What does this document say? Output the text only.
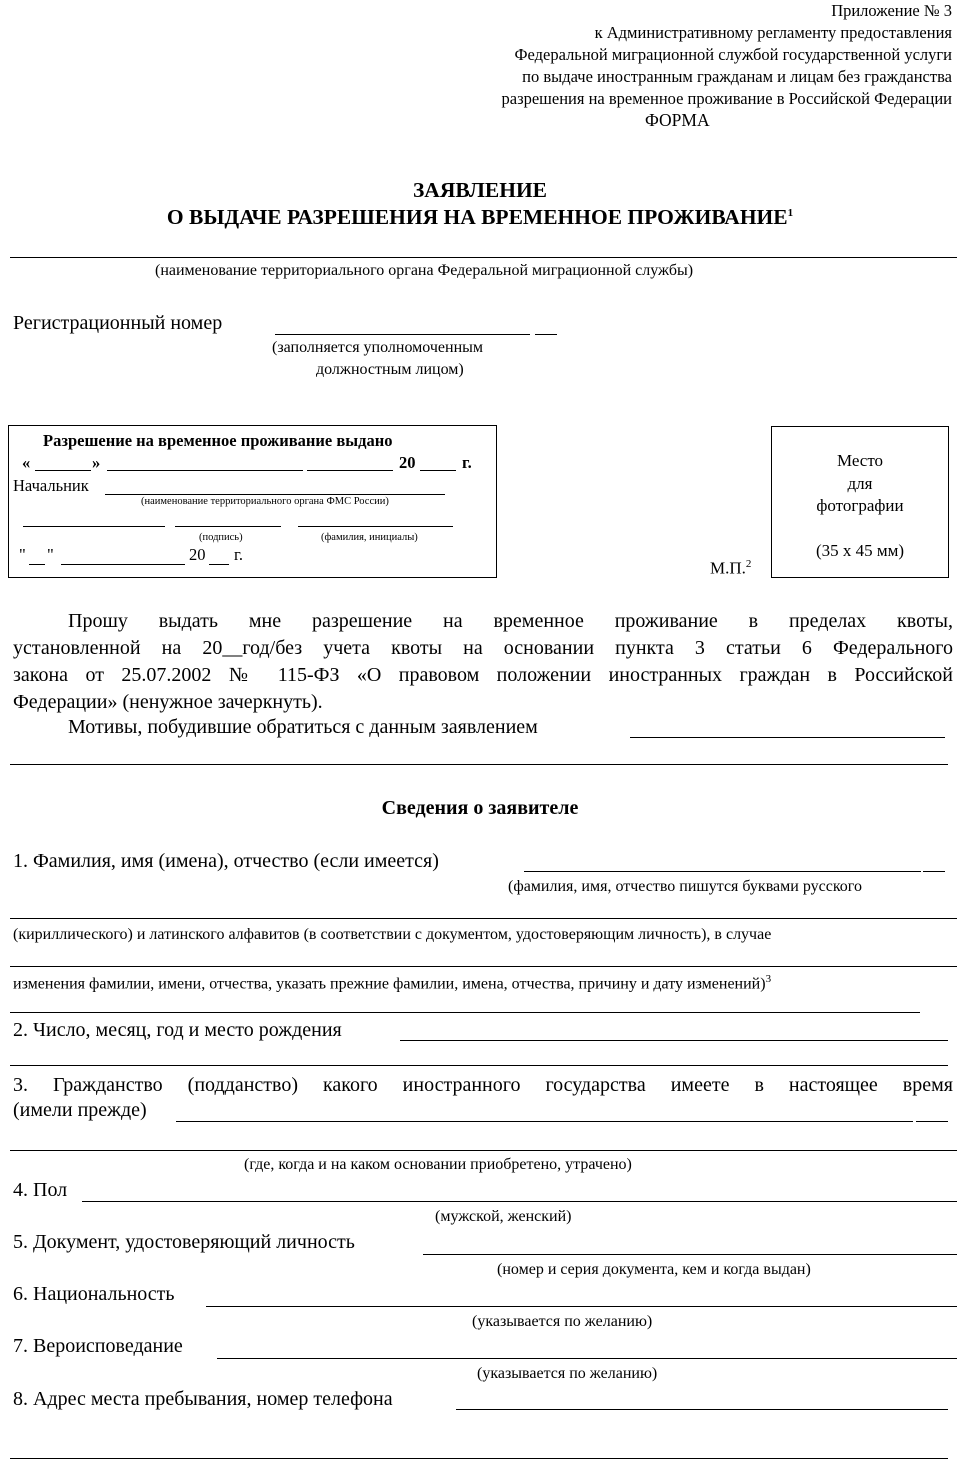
Приложение № 3
к Административному регламенту предоставления
Федеральной миграционной службой государственной услуги
по выдаче иностранным гражданам и лицам без гражданства
разрешения на временное проживание в Российской Федерации
ФОРМА
ЗАЯВЛЕНИЕ
О ВЫДАЧЕ РАЗРЕШЕНИЯ НА ВРЕМЕННОЕ ПРОЖИВАНИЕ$^1$
(наименование территориального органа Федеральной миграционной службы)
Регистрационный номер
(заполняется уполномоченным
должностным лицом)
Разрешение на временное проживание выдано
«	»	20	г.
Начальник
(наименование территориального органа ФМС России)
(подпись)	(фамилия, инициалы)
" "	20 г.
М.П.$^2$
Место
для
фотографии
(35 х 45 мм)
Прошу выдать мне разрешение на временное проживание в пределах квоты,
установленной на 20__год/без учета квоты на основании пункта 3 статьи 6 Федерального
закона от 25.07.2002 № 115-ФЗ «О правовом положении иностранных граждан в Российской
Федерации» (ненужное зачеркнуть).
Мотивы, побудившие обратиться с данным заявлением
Сведения о заявителе
1. Фамилия, имя (имена), отчество (если имеется)
(фамилия, имя, отчество пишутся буквами русского
(кириллического) и латинского алфавитов (в соответствии с документом, удостоверяющим личность), в случае
изменения фамилии, имени, отчества, указать прежние фамилии, имена, отчества, причину и дату изменений)$^3$
2. Число, месяц, год и место рождения
3. Гражданство (подданство) какого иностранного государства имеете в настоящее время
(имели прежде)
(где, когда и на каком основании приобретено, утрачено)
4. Пол
(мужской, женский)
5. Документ, удостоверяющий личность
(номер и серия документа, кем и когда выдан)
6. Национальность
(указывается по желанию)
7. Вероисповедание
(указывается по желанию)
8. Адрес места пребывания, номер телефона
